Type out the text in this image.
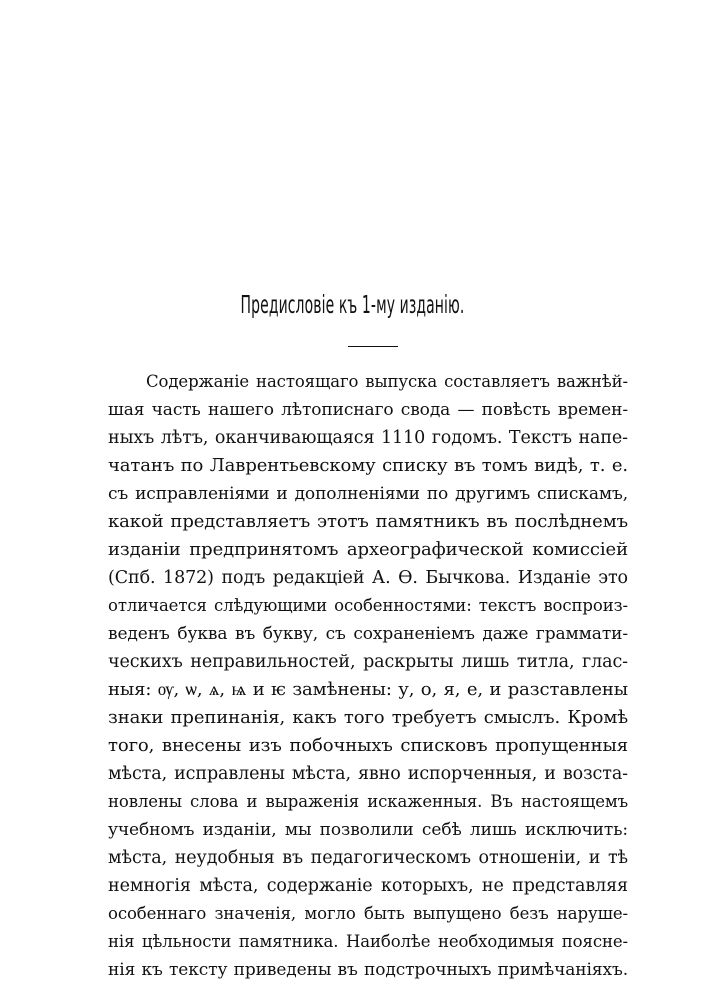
Предисловіе къ 1-му изданію.
Содержаніе настоящаго выпуска составляетъ важнѣй-
шая часть нашего лѣтописнаго свода — повѣсть времен-
ныхъ лѣтъ, оканчивающаяся 1110 годомъ. Текстъ напе-
чатанъ по Лаврентьевскому списку въ томъ видѣ, т. е.
съ исправленіями и дополненіями по другимъ спискамъ,
какой представляетъ этотъ памятникъ въ послѣднемъ
изданіи предпринятомъ археографической комиссіей
(Спб. 1872) подъ редакціей А. Ѳ. Бычкова. Изданіе это
отличается слѣдующими особенностями: текстъ воспроиз-
веденъ буква въ букву, съ сохраненіемъ даже граммати-
ческихъ неправильностей, раскрыты лишь титла, глас-
ныя: ѹ, ѡ, ѧ, ѩ и ѥ замѣнены: у, о, я, е, и разставлены
знаки препинанія, какъ того требуетъ смыслъ. Кромѣ
того, внесены изъ побочныхъ списковъ пропущенныя
мѣста, исправлены мѣста, явно испорченныя, и возста-
новлены слова и выраженія искаженныя. Въ настоящемъ
учебномъ изданіи, мы позволили себѣ лишь исключить:
мѣста, неудобныя въ педагогическомъ отношеніи, и тѣ
немногія мѣста, содержаніе которыхъ, не представляя
особеннаго значенія, могло быть выпущено безъ наруше-
нія цѣльности памятника. Наиболѣе необходимыя поясне-
нія къ тексту приведены въ подстрочныхъ примѣчаніяхъ.
